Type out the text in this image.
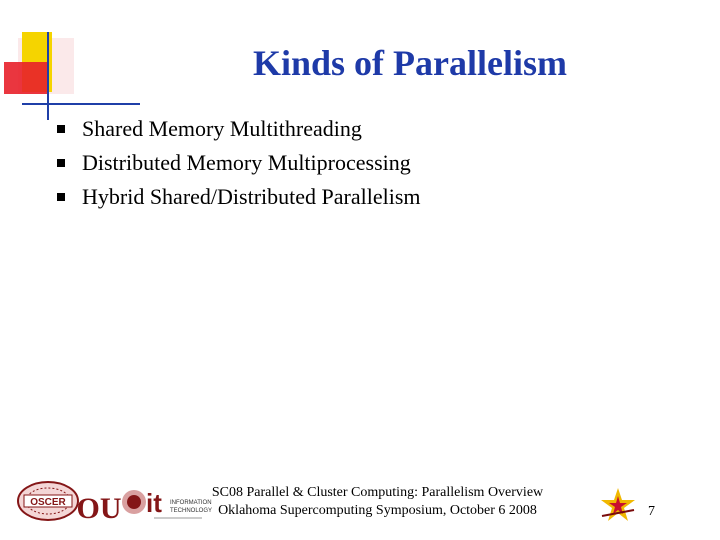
Kinds of Parallelism
Shared Memory Multithreading
Distributed Memory Multiprocessing
Hybrid Shared/Distributed Parallelism
OSCER OU it INFORMATION
TECHNOLOGY
SC08 Parallel & Cluster Computing: Parallelism Overview
Oklahoma Supercomputing Symposium, October 6 2008	7
